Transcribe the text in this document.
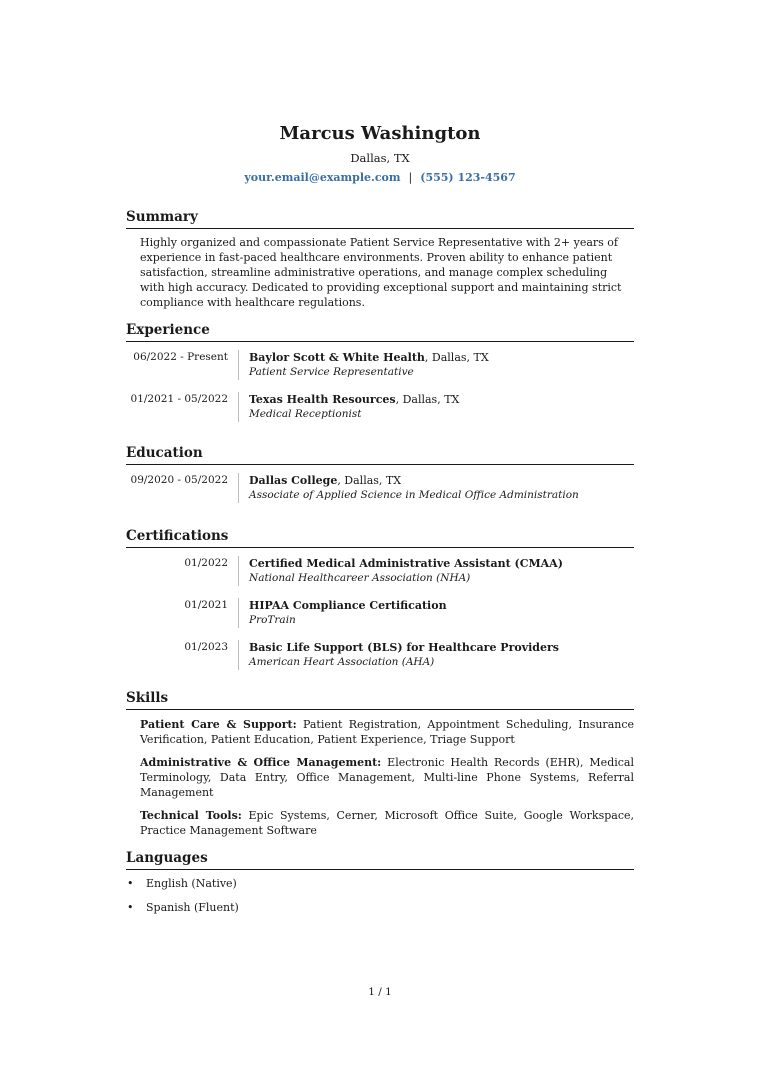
Marcus Washington
Dallas, TX
your.email@example.com | (555) 123-4567
Summary

Highly organized and compassionate Patient Service Representative with 2+ years of experience in fast-paced healthcare environments. Proven ability to enhance patient satisfaction, streamline administrative operations, and manage complex scheduling with high accuracy. Dedicated to providing exceptional support and maintaining strict compliance with healthcare regulations.

Experience
06/2022 - Present	Baylor Scott & White Health, Dallas, TX
Patient Service Representative
01/2021 - 05/2022	Texas Health Resources, Dallas, TX
Medical Receptionist
Education
09/2020 - 05/2022	Dallas College, Dallas, TX
Associate of Applied Science in Medical Office Administration
Certifications
01/2022	Certified Medical Administrative Assistant (CMAA)
National Healthcareer Association (NHA)
01/2021	HIPAA Compliance Certification
ProTrain
01/2023	Basic Life Support (BLS) for Healthcare Providers
American Heart Association (AHA)
Skills

Patient Care & Support: Patient Registration, Appointment Scheduling, Insurance Verification, Patient Education, Patient Experience, Triage Support

Administrative & Office Management: Electronic Health Records (EHR), Medical Terminology, Data Entry, Office Management, Multi-line Phone Systems, Referral Management

Technical Tools: Epic Systems, Cerner, Microsoft Office Suite, Google Workspace, Practice Management Software

Languages
• English (Native)
• Spanish (Fluent)
1 / 1
